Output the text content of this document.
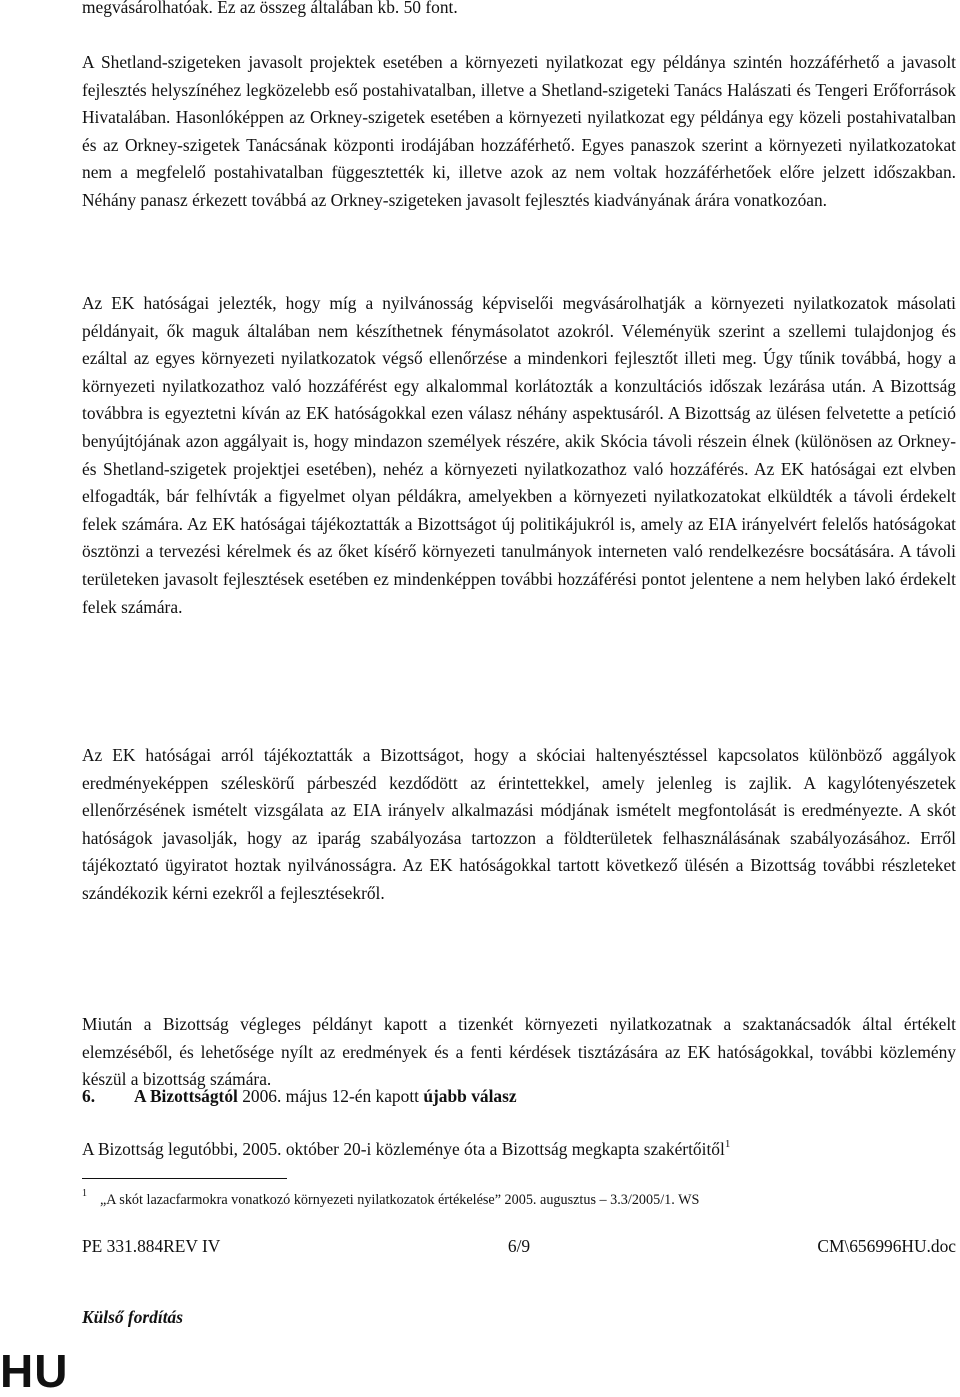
megvásárolhatóak. Ez az összeg általában kb. 50 font.

A Shetland-szigeteken javasolt projektek esetében a környezeti nyilatkozat egy példánya szintén hozzáférhető a javasolt fejlesztés helyszínéhez legközelebb eső postahivatalban, illetve a Shetland-szigeteki Tanács Halászati és Tengeri Erőforrások Hivatalában. Hasonlóképpen az Orkney-szigetek esetében a környezeti nyilatkozat egy példánya egy közeli postahivatalban és az Orkney-szigetek Tanácsának központi irodájában hozzáférhető. Egyes panaszok szerint a környezeti nyilatkozatokat nem a megfelelő postahivatalban függesztették ki, illetve azok az nem voltak hozzáférhetőek előre jelzett időszakban. Néhány panasz érkezett továbbá az Orkney-szigeteken javasolt fejlesztés kiadványának árára vonatkozóan.

Az EK hatóságai jelezték, hogy míg a nyilvánosság képviselői megvásárolhatják a környezeti nyilatkozatok másolati példányait, ők maguk általában nem készíthetnek fénymásolatot azokról. Véleményük szerint a szellemi tulajdonjog és ezáltal az egyes környezeti nyilatkozatok végső ellenőrzése a mindenkori fejlesztőt illeti meg. Úgy tűnik továbbá, hogy a környezeti nyilatkozathoz való hozzáférést egy alkalommal korlátozták a konzultációs időszak lezárása után. A Bizottság továbbra is egyeztetni kíván az EK hatóságokkal ezen válasz néhány aspektusáról. A Bizottság az ülésen felvetette a petíció benyújtójának azon aggályait is, hogy mindazon személyek részére, akik Skócia távoli részein élnek (különösen az Orkney- és Shetland-szigetek projektjei esetében), nehéz a környezeti nyilatkozathoz való hozzáférés. Az EK hatóságai ezt elvben elfogadták, bár felhívták a figyelmet olyan példákra, amelyekben a környezeti nyilatkozatokat elküldték a távoli érdekelt felek számára. Az EK hatóságai tájékoztatták a Bizottságot új politikájukról is, amely az EIA irányelvért felelős hatóságokat ösztönzi a tervezési kérelmek és az őket kísérő környezeti tanulmányok interneten való rendelkezésre bocsátására. A távoli területeken javasolt fejlesztések esetében ez mindenképpen további hozzáférési pontot jelentene a nem helyben lakó érdekelt felek számára.

Az EK hatóságai arról tájékoztatták a Bizottságot, hogy a skóciai haltenyésztéssel kapcsolatos különböző aggályok eredményeképpen széleskörű párbeszéd kezdődött az érintettekkel, amely jelenleg is zajlik. A kagylótenyészetek ellenőrzésének ismételt vizsgálata az EIA irányelv alkalmazási módjának ismételt megfontolását is eredményezte. A skót hatóságok javasolják, hogy az iparág szabályozása tartozzon a földterületek felhasználásának szabályozásához. Erről tájékoztató ügyiratot hoztak nyilvánosságra. Az EK hatóságokkal tartott következő ülésén a Bizottság további részleteket szándékozik kérni ezekről a fejlesztésekről.

Miután a Bizottság végleges példányt kapott a tizenkét környezeti nyilatkozatnak a szaktanácsadók által értékelt elemzéséből, és lehetősége nyílt az eredmények és a fenti kérdések tisztázására az EK hatóságokkal, további közlemény készül a bizottság számára.

6. A Bizottságtól 2006. május 12-én kapott újabb válasz
A Bizottság legutóbbi, 2005. október 20-i közleménye óta a Bizottság megkapta szakértőitől$^1$
1 „A skót lazacfarmokra vonatkozó környezeti nyilatkozatok értékelése” 2005. augusztus – 3.3/2005/1. WS
PE 331.884REV IV	6/9	CM\656996HU.doc
Külső fordítás
HU
